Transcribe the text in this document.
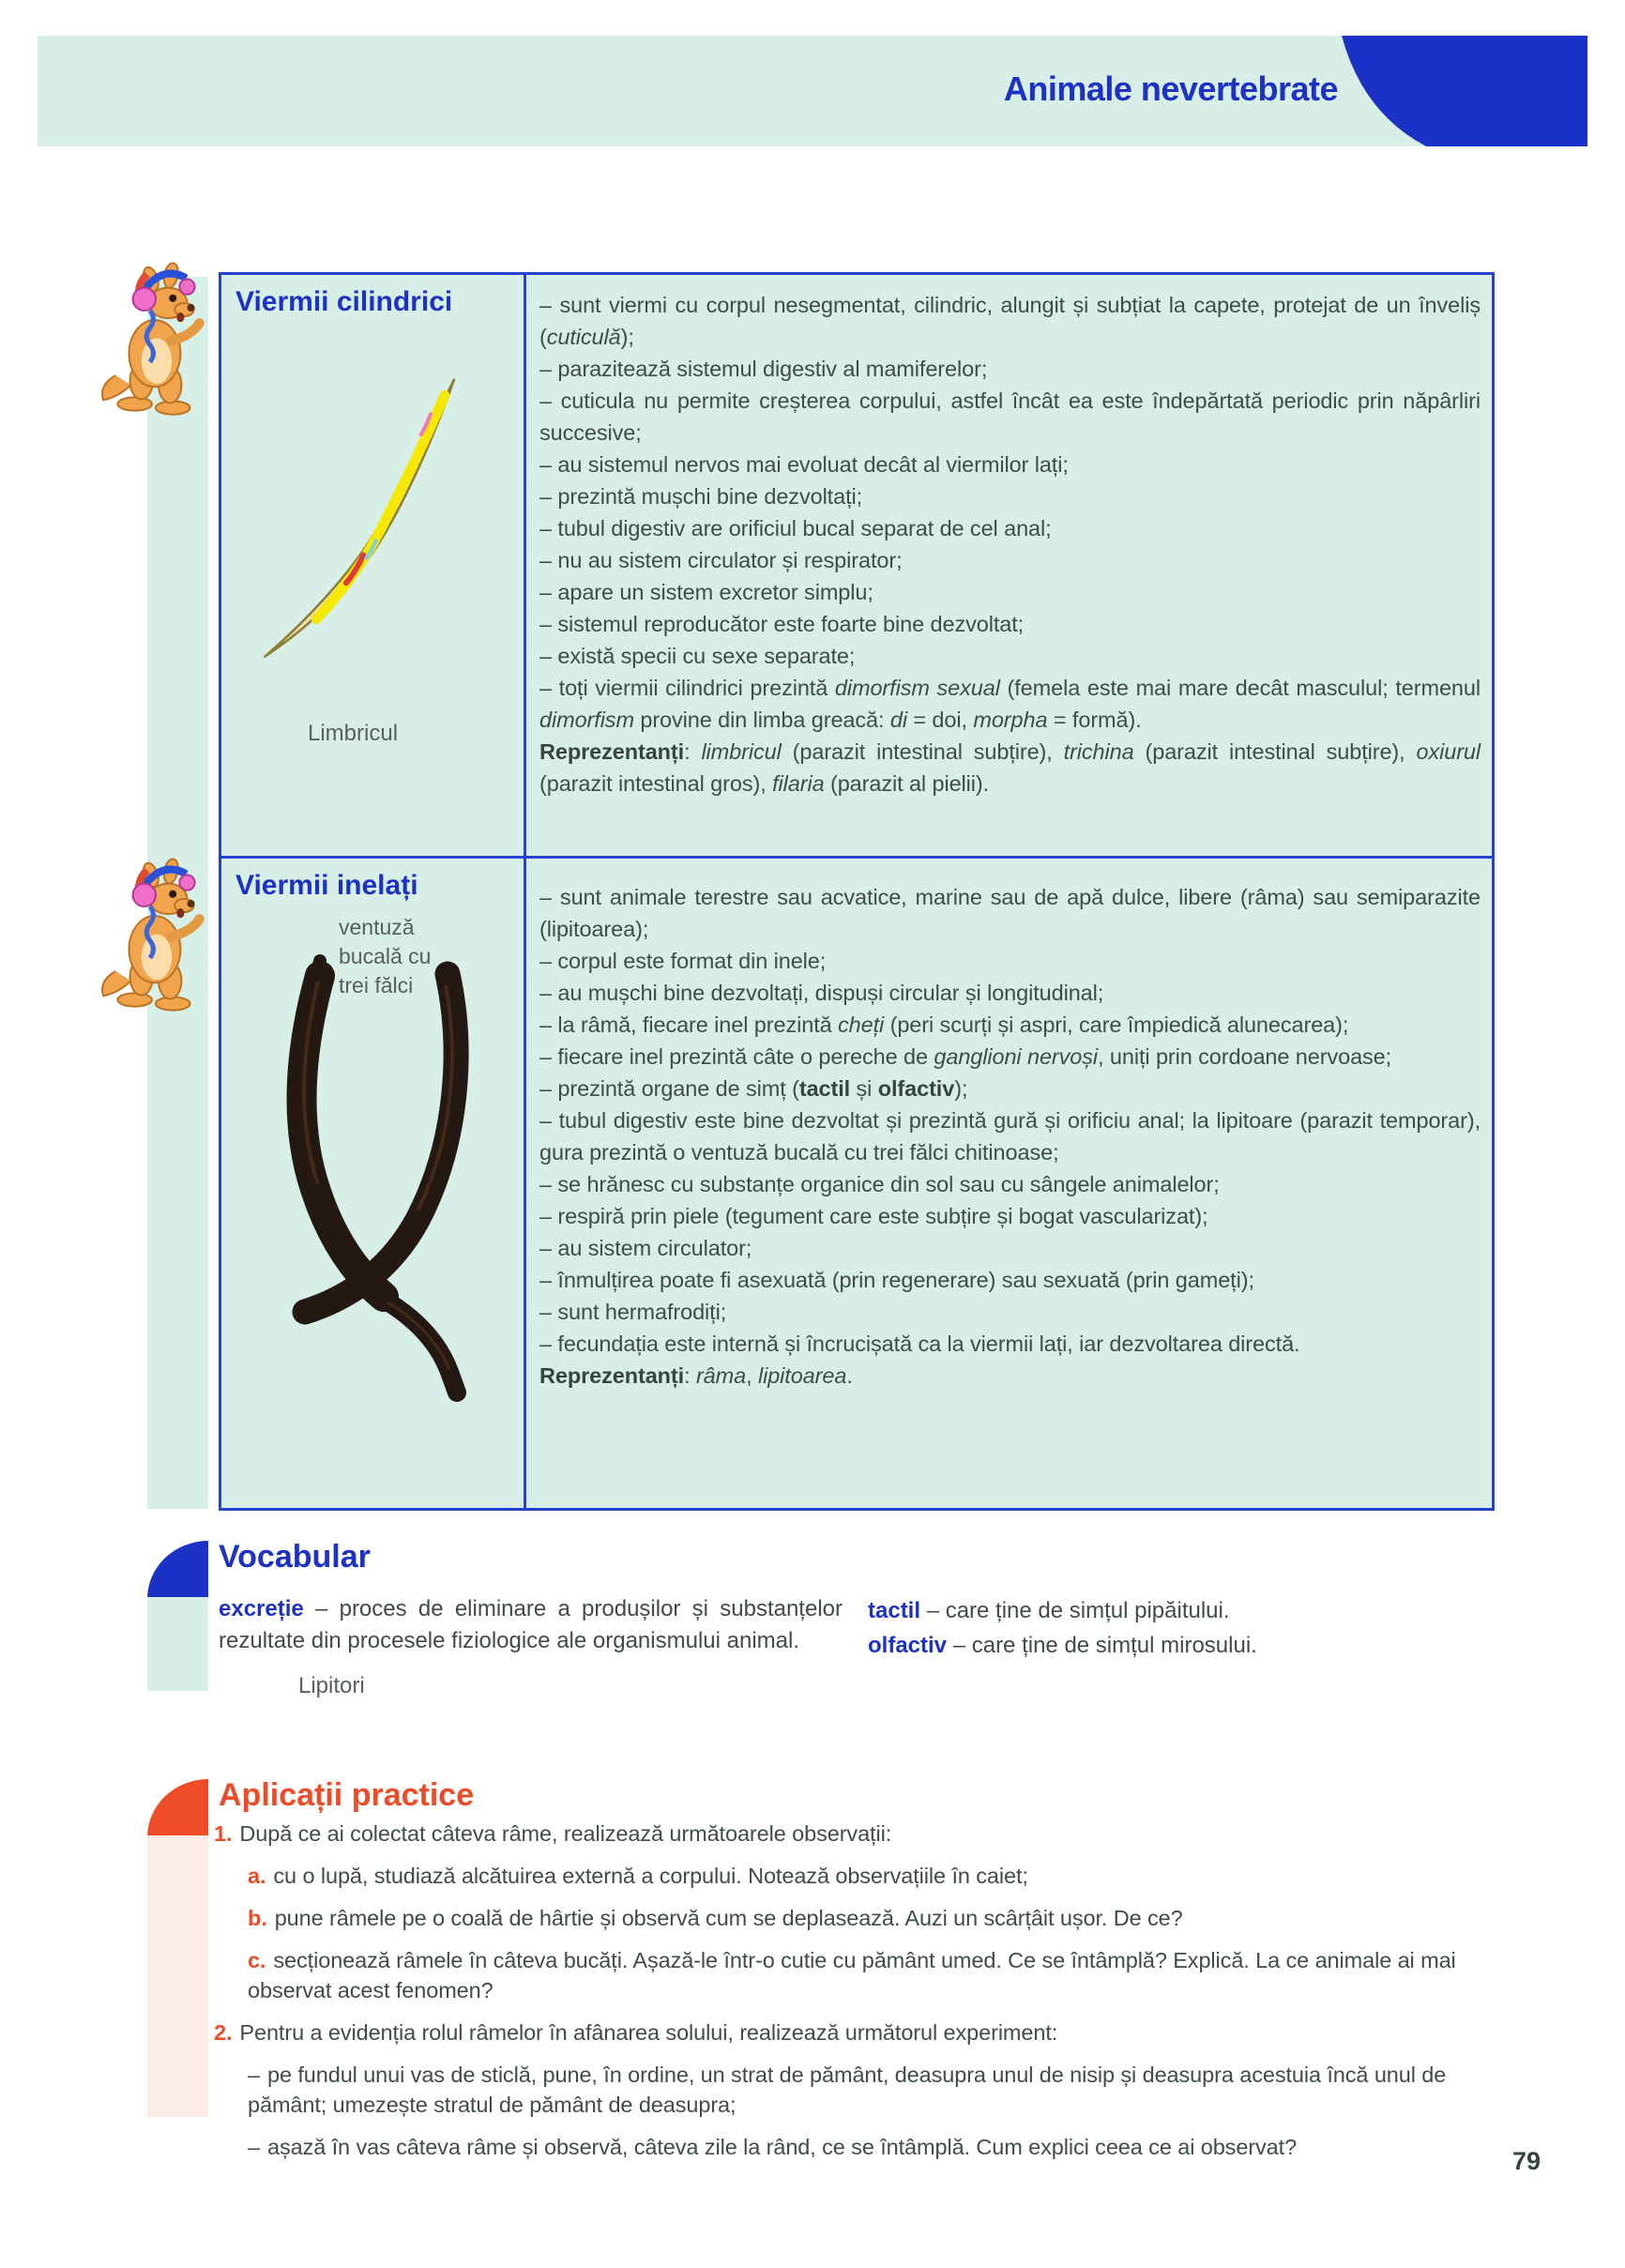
Animale nevertebrate
Viermii cilindrici
Limbricul
– sunt viermi cu corpul nesegmentat, cilindric, alungit și subțiat la capete, protejat de un înveliș (cuticulă);
– parazitează sistemul digestiv al mamiferelor;
– cuticula nu permite creșterea corpului, astfel încât ea este îndepărtată periodic prin năpârliri succesive;
– au sistemul nervos mai evoluat decât al viermilor lați;
– prezintă mușchi bine dezvoltați;
– tubul digestiv are orificiul bucal separat de cel anal;
– nu au sistem circulator și respirator;
– apare un sistem excretor simplu;
– sistemul reproducător este foarte bine dezvoltat;
– există specii cu sexe separate;
– toți viermii cilindrici prezintă dimorfism sexual (femela este mai mare decât masculul; termenul dimorfism provine din limba greacă: di = doi, morpha = formă).
Reprezentanți: limbricul (parazit intestinal subțire), trichina (parazit intestinal subțire), oxiurul (parazit intestinal gros), filaria (parazit al pielii).
Viermii inelați
ventuză
bucală cu
trei fălci
Lipitori
– sunt animale terestre sau acvatice, marine sau de apă dulce, libere (râma) sau semiparazite (lipitoarea);
– corpul este format din inele;
– au mușchi bine dezvoltați, dispuși circular și longitudinal;
– la râmă, fiecare inel prezintă cheți (peri scurți și aspri, care împiedică alunecarea);
– fiecare inel prezintă câte o pereche de ganglioni nervoși, uniți prin cordoane nervoase;
– prezintă organe de simț (tactil și olfactiv);
– tubul digestiv este bine dezvoltat și prezintă gură și orificiu anal; la lipitoare (parazit temporar), gura prezintă o ventuză bucală cu trei fălci chitinoase;
– se hrănesc cu substanțe organice din sol sau cu sângele animalelor;
– respiră prin piele (tegument care este subțire și bogat vascularizat);
– au sistem circulator;
– înmulțirea poate fi asexuată (prin regenerare) sau sexuată (prin gameți);
– sunt hermafrodiți;
– fecundația este internă și încrucișată ca la viermii lați, iar dezvoltarea directă.
Reprezentanți: râma, lipitoarea.
Vocabular
excreție – proces de eliminare a produșilor și substanțelor rezultate din procesele fiziologice ale organismului animal.
tactil – care ține de simțul pipăitului.
olfactiv – care ține de simțul mirosului.
Aplicații practice
1. După ce ai colectat câteva râme, realizează următoarele observații:
a. cu o lupă, studiază alcătuirea externă a corpului. Notează observațiile în caiet;
b. pune râmele pe o coală de hârtie și observă cum se deplasează. Auzi un scârțâit ușor. De ce?
c. secționează râmele în câteva bucăți. Așază-le într-o cutie cu pământ umed. Ce se întâmplă? Explică. La ce animale ai mai observat acest fenomen?
2. Pentru a evidenția rolul râmelor în afânarea solului, realizează următorul experiment:
– pe fundul unui vas de sticlă, pune, în ordine, un strat de pământ, deasupra unul de nisip și deasupra acestuia încă unul de pământ; umezește stratul de pământ de deasupra;
– așază în vas câteva râme și observă, câteva zile la rând, ce se întâmplă. Cum explici ceea ce ai observat?	79
